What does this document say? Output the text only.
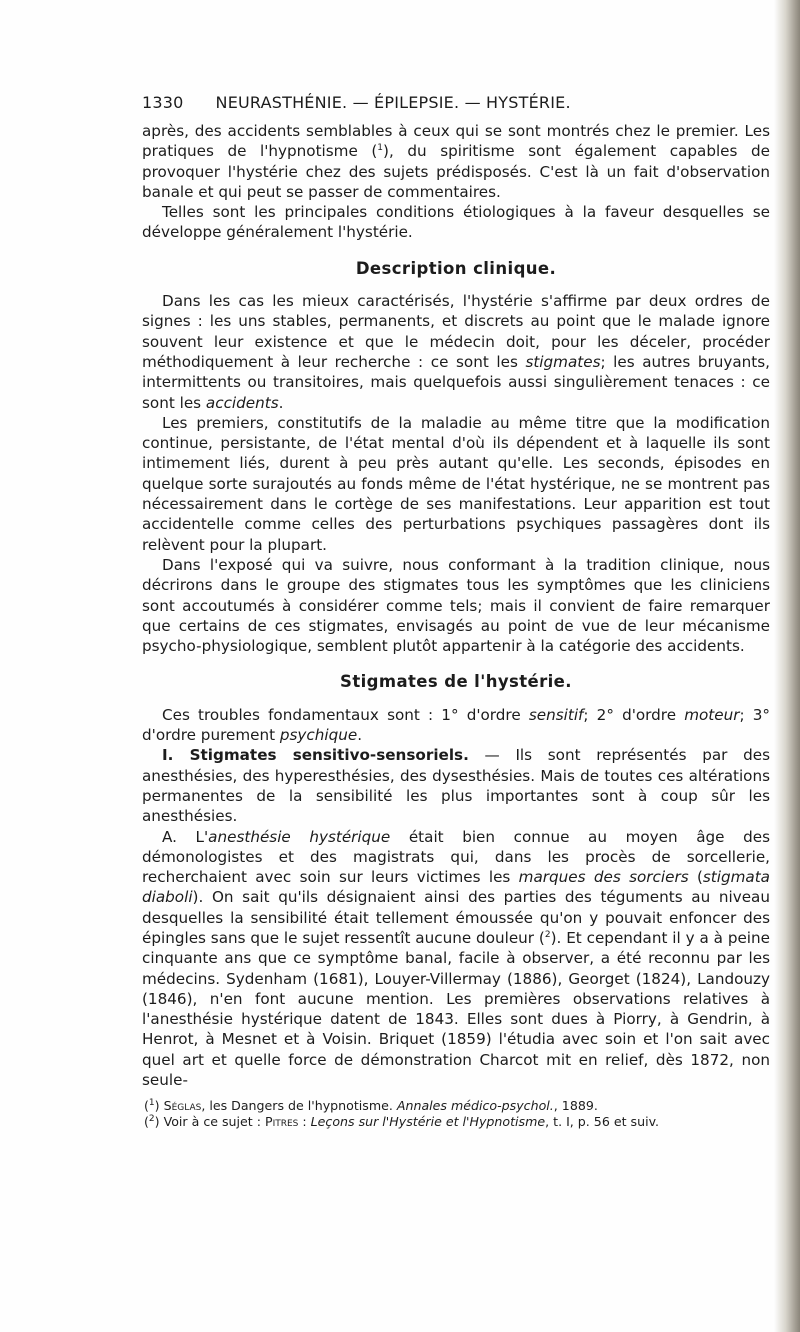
1330 NEURASTHÉNIE. — ÉPILEPSIE. — HYSTÉRIE.

après, des accidents semblables à ceux qui se sont montrés chez le premier. Les pratiques de l'hypnotisme ($^1$), du spiritisme sont également capables de provoquer l'hystérie chez des sujets prédisposés. C'est là un fait d'observation banale et qui peut se passer de commentaires.

Telles sont les principales conditions étiologiques à la faveur desquelles se développe généralement l'hystérie.

Description clinique.

Dans les cas les mieux caractérisés, l'hystérie s'affirme par deux ordres de signes : les uns stables, permanents, et discrets au point que le malade ignore souvent leur existence et que le médecin doit, pour les déceler, procéder méthodiquement à leur recherche : ce sont les stigmates; les autres bruyants, intermittents ou transitoires, mais quelquefois aussi singulièrement tenaces : ce sont les accidents.

Les premiers, constitutifs de la maladie au même titre que la modification continue, persistante, de l'état mental d'où ils dépendent et à laquelle ils sont intimement liés, durent à peu près autant qu'elle. Les seconds, épisodes en quelque sorte surajoutés au fonds même de l'état hystérique, ne se montrent pas nécessairement dans le cortège de ses manifestations. Leur apparition est tout accidentelle comme celles des perturbations psychiques passagères dont ils relèvent pour la plupart.

Dans l'exposé qui va suivre, nous conformant à la tradition clinique, nous décrirons dans le groupe des stigmates tous les symptômes que les cliniciens sont accoutumés à considérer comme tels; mais il convient de faire remarquer que certains de ces stigmates, envisagés au point de vue de leur mécanisme psycho-physiologique, semblent plutôt appartenir à la catégorie des accidents.

Stigmates de l'hystérie.

Ces troubles fondamentaux sont : 1° d'ordre sensitif; 2° d'ordre moteur; 3° d'ordre purement psychique.

I. Stigmates sensitivo-sensoriels. — Ils sont représentés par des anesthésies, des hyperesthésies, des dysesthésies. Mais de toutes ces altérations permanentes de la sensibilité les plus importantes sont à coup sûr les anesthésies.

A. L'anesthésie hystérique était bien connue au moyen âge des démonologistes et des magistrats qui, dans les procès de sorcellerie, recherchaient avec soin sur leurs victimes les marques des sorciers (stigmata diaboli). On sait qu'ils désignaient ainsi des parties des téguments au niveau desquelles la sensibilité était tellement émoussée qu'on y pouvait enfoncer des épingles sans que le sujet ressentît aucune douleur ($^2$). Et cependant il y a à peine cinquante ans que ce symptôme banal, facile à observer, a été reconnu par les médecins. Sydenham (1681), Louyer-Villermay (1886), Georget (1824), Landouzy (1846), n'en font aucune mention. Les premières observations relatives à l'anesthésie hystérique datent de 1843. Elles sont dues à Piorry, à Gendrin, à Henrot, à Mesnet et à Voisin. Briquet (1859) l'étudia avec soin et l'on sait avec quel art et quelle force de démonstration Charcot mit en relief, dès 1872, non seule-

($^1$) Séglas, les Dangers de l'hypnotisme. Annales médico-psychol., 1889.

($^2$) Voir à ce sujet : Pitres : Leçons sur l'Hystérie et l'Hypnotisme, t. I, p. 56 et suiv.
